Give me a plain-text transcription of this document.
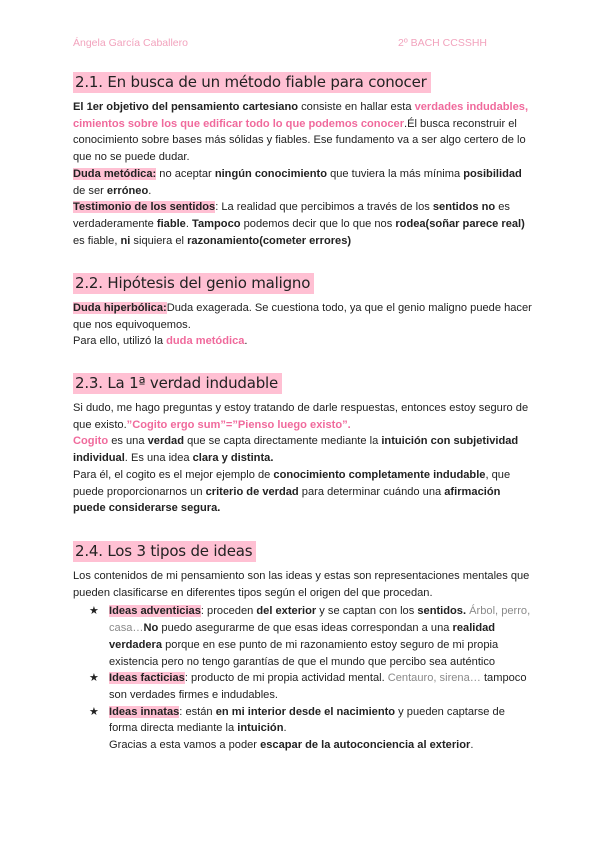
Ángela García Caballero	2º BACH CCSSHH
2.1. En busca de un método fiable para conocer

El 1er objetivo del pensamiento cartesiano consiste en hallar esta verdades indudables, cimientos sobre los que edificar todo lo que podemos conocer.Él busca reconstruir el conocimiento sobre bases más sólidas y fiables. Ese fundamento va a ser algo certero de lo que no se puede dudar.

Duda metódica: no aceptar ningún conocimiento que tuviera la más mínima posibilidad de ser erróneo.

Testimonio de los sentidos: La realidad que percibimos a través de los sentidos no es verdaderamente fiable. Tampoco podemos decir que lo que nos rodea(soñar parece real) es fiable, ni siquiera el razonamiento(cometer errores)

2.2. Hipótesis del genio maligno

Duda hiperbólica:Duda exagerada. Se cuestiona todo, ya que el genio maligno puede hacer que nos equivoquemos.

Para ello, utilizó la duda metódica.

2.3. La 1ª verdad indudable

Si dudo, me hago preguntas y estoy tratando de darle respuestas, entonces estoy seguro de que existo.”Cogito ergo sum”=”Pienso luego existo”.

Cogito es una verdad que se capta directamente mediante la intuición con subjetividad individual. Es una idea clara y distinta.

Para él, el cogito es el mejor ejemplo de conocimiento completamente indudable, que puede proporcionarnos un criterio de verdad para determinar cuándo una afirmación puede considerarse segura.

2.4. Los 3 tipos de ideas

Los contenidos de mi pensamiento son las ideas y estas son representaciones mentales que pueden clasificarse en diferentes tipos según el origen del que procedan.

★ Ideas adventicias: proceden del exterior y se captan con los sentidos. Árbol, perro, casa…No puedo asegurarme de que esas ideas correspondan a una realidad verdadera porque en ese punto de mi razonamiento estoy seguro de mi propia existencia pero no tengo garantías de que el mundo que percibo sea auténtico
★ Ideas facticias: producto de mi propia actividad mental. Centauro, sirena… tampoco son verdades firmes e indudables.
★ Ideas innatas: están en mi interior desde el nacimiento y pueden captarse de forma directa mediante la intuición.
Gracias a esta vamos a poder escapar de la autoconciencia al exterior.
